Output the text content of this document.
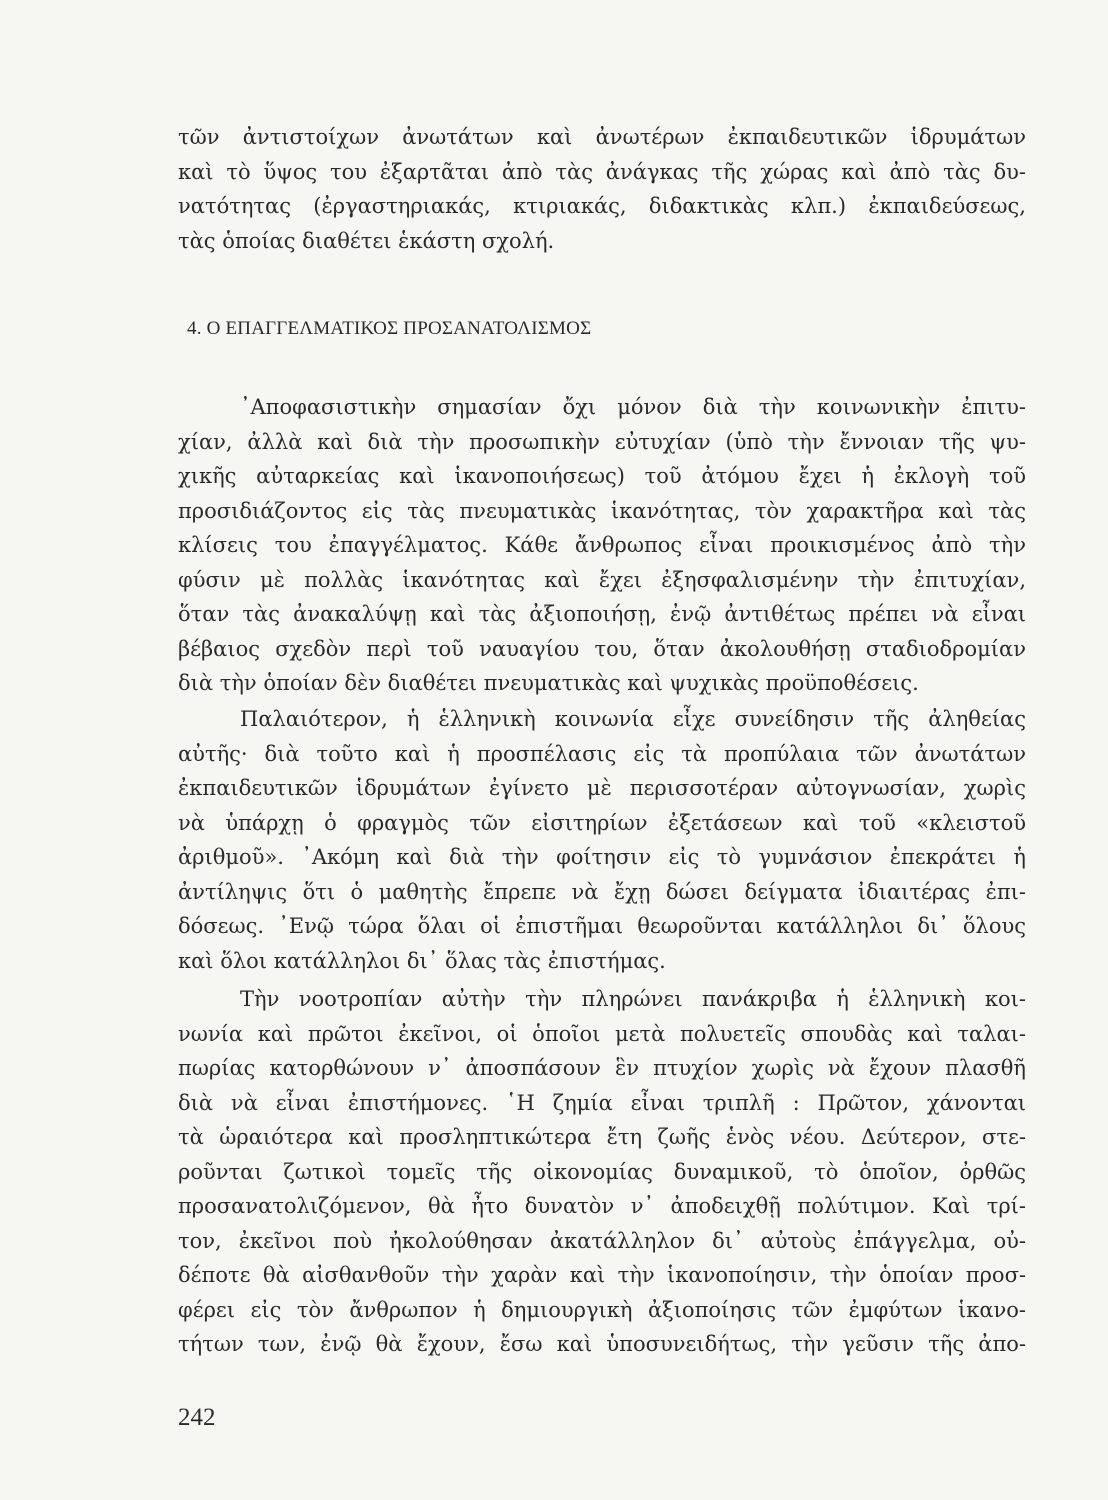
τῶν ἀντιστοίχων ἀνωτάτων καὶ ἀνωτέρων ἐκπαιδευτικῶν ἱδρυμάτων
καὶ τὸ ὕψος του ἐξαρτᾶται ἀπὸ τὰς ἀνάγκας τῆς χώρας καὶ ἀπὸ τὰς δυ-
νατότητας (ἐργαστηριακάς, κτιριακάς, διδακτικὰς κλπ.) ἐκπαιδεύσεως,
τὰς ὁποίας διαθέτει ἑκάστη σχολή.
4. Ο ΕΠΑΓΓΕΛΜΑΤΙΚΟΣ ΠΡΟΣΑΝΑΤΟΛΙΣΜΟΣ
᾿Αποφασιστικὴν σημασίαν ὄχι μόνον διὰ τὴν κοινωνικὴν ἐπιτυ-
χίαν, ἀλλὰ καὶ διὰ τὴν προσωπικὴν εὐτυχίαν (ὑπὸ τὴν ἔννοιαν τῆς ψυ-
χικῆς αὐταρκείας καὶ ἱκανοποιήσεως) τοῦ ἀτόμου ἔχει ἡ ἐκλογὴ τοῦ
προσιδιάζοντος εἰς τὰς πνευματικὰς ἱκανότητας, τὸν χαρακτῆρα καὶ τὰς
κλίσεις του ἐπαγγέλματος. Κάθε ἄνθρωπος εἶναι προικισμένος ἀπὸ τὴν
φύσιν μὲ πολλὰς ἱκανότητας καὶ ἔχει ἐξησφαλισμένην τὴν ἐπιτυχίαν,
ὅταν τὰς ἀνακαλύψῃ καὶ τὰς ἀξιοποιήσῃ, ἐνῷ ἀντιθέτως πρέπει νὰ εἶναι
βέβαιος σχεδὸν περὶ τοῦ ναυαγίου του, ὅταν ἀκολουθήσῃ σταδιοδρομίαν
διὰ τὴν ὁποίαν δὲν διαθέτει πνευματικὰς καὶ ψυχικὰς προϋποθέσεις.
Παλαιότερον, ἡ ἑλληνικὴ κοινωνία εἶχε συνείδησιν τῆς ἀληθείας
αὐτῆς· διὰ τοῦτο καὶ ἡ προσπέλασις εἰς τὰ προπύλαια τῶν ἀνωτάτων
ἐκπαιδευτικῶν ἱδρυμάτων ἐγίνετο μὲ περισσοτέραν αὐτογνωσίαν, χωρὶς
νὰ ὑπάρχῃ ὁ φραγμὸς τῶν εἰσιτηρίων ἐξετάσεων καὶ τοῦ «κλειστοῦ
ἀριθμοῦ». ᾿Ακόμη καὶ διὰ τὴν φοίτησιν εἰς τὸ γυμνάσιον ἐπεκράτει ἡ
ἀντίληψις ὅτι ὁ μαθητὴς ἔπρεπε νὰ ἔχῃ δώσει δείγματα ἰδιαιτέρας ἐπι-
δόσεως. ᾿Ενῷ τώρα ὅλαι οἱ ἐπιστῆμαι θεωροῦνται κατάλληλοι δι᾿ ὅλους
καὶ ὅλοι κατάλληλοι δι᾿ ὅλας τὰς ἐπιστήμας.
Τὴν νοοτροπίαν αὐτὴν τὴν πληρώνει πανάκριβα ἡ ἑλληνικὴ κοι-
νωνία καὶ πρῶτοι ἐκεῖνοι, οἱ ὁποῖοι μετὰ πολυετεῖς σπουδὰς καὶ ταλαι-
πωρίας κατορθώνουν ν᾿ ἀποσπάσουν ἓν πτυχίον χωρὶς νὰ ἔχουν πλασθῆ
διὰ νὰ εἶναι ἐπιστήμονες. ῾Η ζημία εἶναι τριπλῆ : Πρῶτον, χάνονται
τὰ ὡραιότερα καὶ προσληπτικώτερα ἔτη ζωῆς ἑνὸς νέου. Δεύτερον, στε-
ροῦνται ζωτικοὶ τομεῖς τῆς οἰκονομίας δυναμικοῦ, τὸ ὁποῖον, ὀρθῶς
προσανατολιζόμενον, θὰ ἦτο δυνατὸν ν᾿ ἀποδειχθῇ πολύτιμον. Καὶ τρί-
τον, ἐκεῖνοι ποὺ ἠκολούθησαν ἀκατάλληλον δι᾿ αὐτοὺς ἐπάγγελμα, οὐ-
δέποτε θὰ αἰσθανθοῦν τὴν χαρὰν καὶ τὴν ἱκανοποίησιν, τὴν ὁποίαν προσ-
φέρει εἰς τὸν ἄνθρωπον ἡ δημιουργικὴ ἀξιοποίησις τῶν ἐμφύτων ἱκανο-
τήτων των, ἐνῷ θὰ ἔχουν, ἔσω καὶ ὑποσυνειδήτως, τὴν γεῦσιν τῆς ἀπο-
242
